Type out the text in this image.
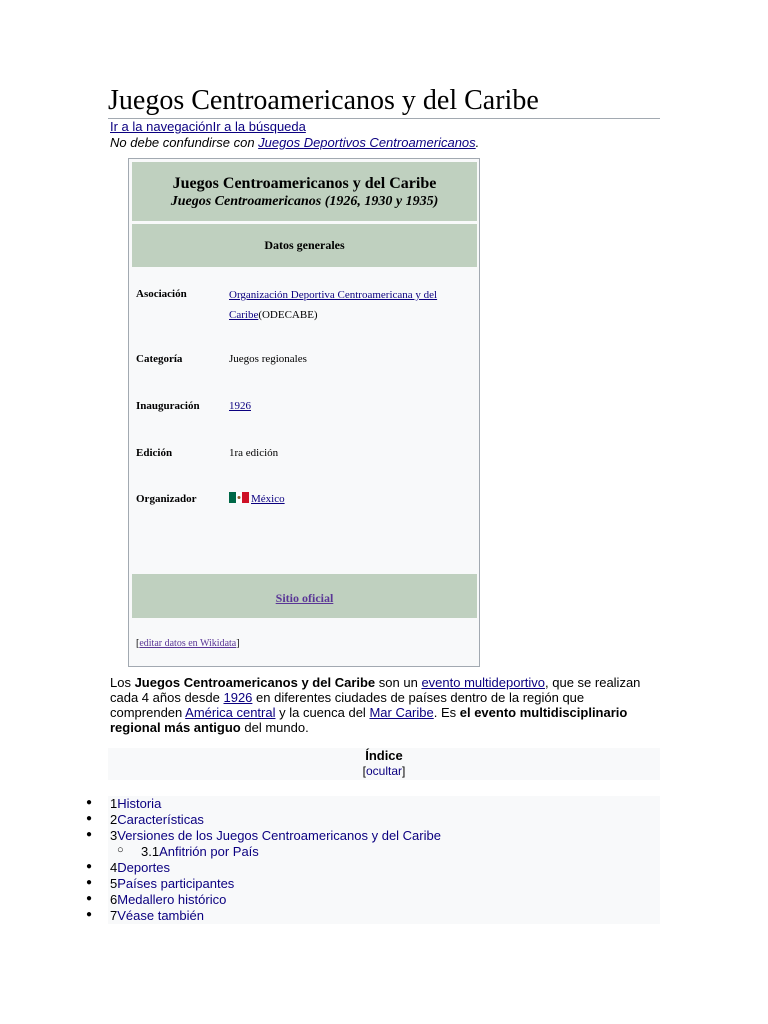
Juegos Centroamericanos y del Caribe
Ir a la navegaciónIr a la búsqueda
No debe confundirse con Juegos Deportivos Centroamericanos.
Juegos Centroamericanos y del Caribe
Juegos Centroamericanos (1926, 1930 y 1935)
Datos generales
Asociación	Organización Deportiva Centroamericana y del Caribe(ODECABE)
Categoría	Juegos regionales
Inauguración	1926
Edición	1ra edición
Organizador	México
Sitio oficial
[editar datos en Wikidata]
Los Juegos Centroamericanos y del Caribe son un evento multideportivo, que se realizan cada 4 años desde 1926 en diferentes ciudades de países dentro de la región que comprenden América central y la cuenca del Mar Caribe. Es el evento multidisciplinario regional más antiguo del mundo.
Índice
[ocultar]
● 1Historia
● 2Características
● 3Versiones de los Juegos Centroamericanos y del Caribe
○ 3.1Anfitrión por País
● 4Deportes
● 5Países participantes
● 6Medallero histórico
● 7Véase también
